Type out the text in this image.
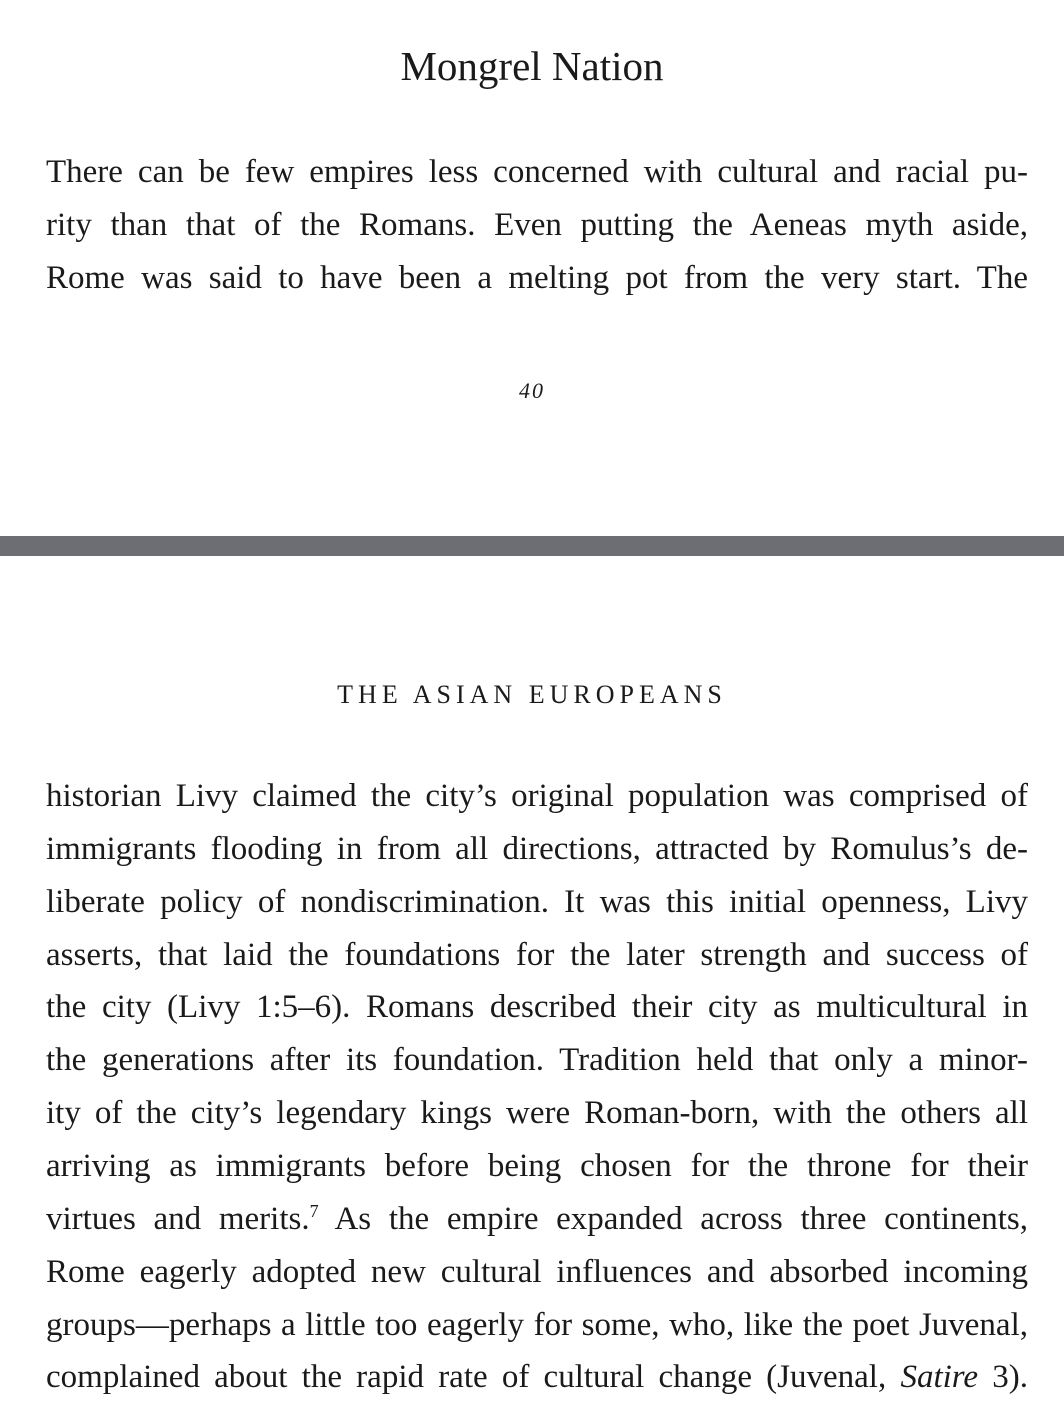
Mongrel Nation

There can be few empires less concerned with cultural and racial pu-

rity than that of the Romans. Even putting the Aeneas myth aside,

Rome was said to have been a melting pot from the very start. The

40
THE ASIAN EUROPEANS

historian Livy claimed the city’s original population was comprised of

immigrants flooding in from all directions, attracted by Romulus’s de-

liberate policy of nondiscrimination. It was this initial openness, Livy

asserts, that laid the foundations for the later strength and success of

the city (Livy 1:5–6). Romans described their city as multicultural in

the generations after its foundation. Tradition held that only a minor-

ity of the city’s legendary kings were Roman-born, with the others all

arriving as immigrants before being chosen for the throne for their

virtues and merits.$^7$ As the empire expanded across three continents,

Rome eagerly adopted new cultural influences and absorbed incoming

groups—perhaps a little too eagerly for some, who, like the poet Juvenal,

complained about the rapid rate of cultural change (Juvenal, Satire 3).
